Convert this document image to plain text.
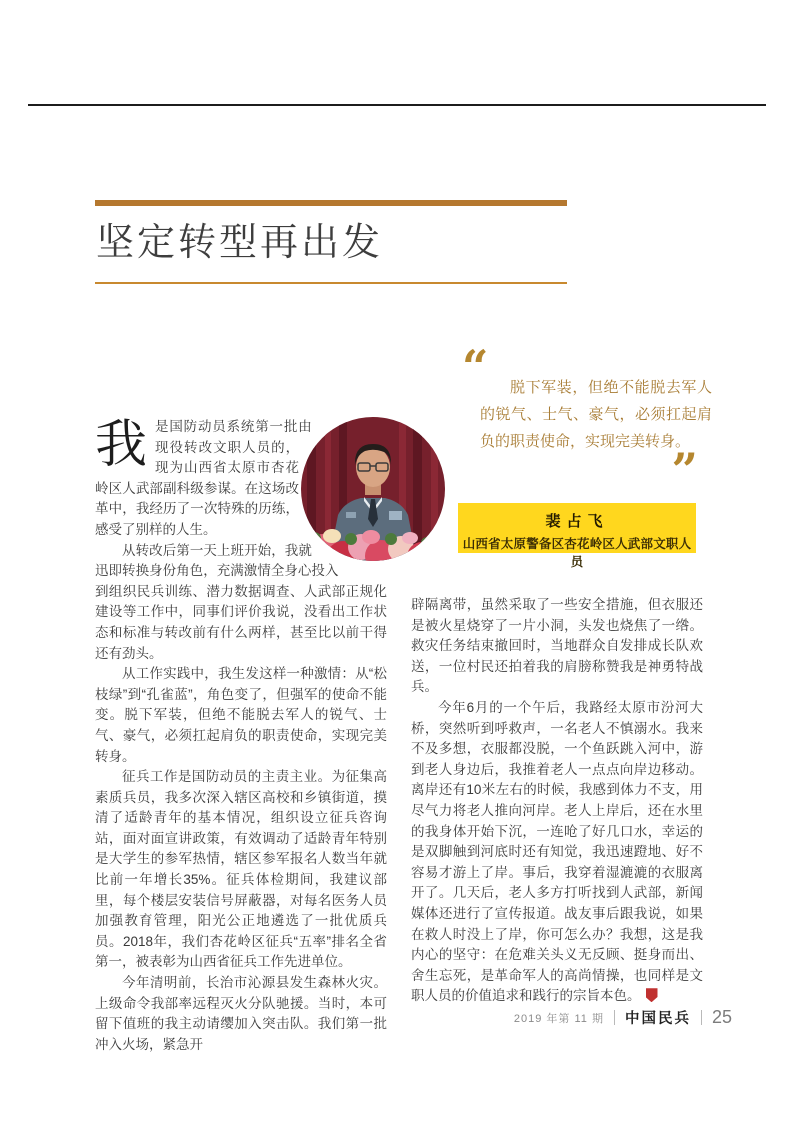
坚定转型再出发
“	脱下军装，但绝不能脱去军人的锐气、士气、豪气，必须扛起肩负的职责使命，实现完美转身。
”
裴占飞
山西省太原警备区杏花岭区人武部文职人员

我是国防动员系统第一批由现役转改文职人员的，现为山西省太原市杏花岭区人武部副科级参谋。在这场改革中，我经历了一次特殊的历练，感受了别样的人生。

从转改后第一天上班开始，我就迅即转换身份角色，充满激情全身心投入到组织民兵训练、潜力数据调查、人武部正规化建设等工作中，同事们评价我说，没看出工作状态和标准与转改前有什么两样，甚至比以前干得还有劲头。

从工作实践中，我生发这样一种激情：从“松枝绿”到“孔雀蓝”，角色变了，但强军的使命不能变。脱下军装，但绝不能脱去军人的锐气、士气、豪气，必须扛起肩负的职责使命，实现完美转身。

征兵工作是国防动员的主责主业。为征集高素质兵员，我多次深入辖区高校和乡镇街道，摸清了适龄青年的基本情况，组织设立征兵咨询站，面对面宣讲政策，有效调动了适龄青年特别是大学生的参军热情，辖区参军报名人数当年就比前一年增长35%。征兵体检期间，我建议部里，每个楼层安装信号屏蔽器，对每名医务人员加强教育管理，阳光公正地遴选了一批优质兵员。2018年，我们杏花岭区征兵“五率”排名全省第一，被表彰为山西省征兵工作先进单位。

今年清明前，长治市沁源县发生森林火灾。上级命令我部率远程灭火分队驰援。当时，本可留下值班的我主动请缨加入突击队。我们第一批冲入火场，紧急开

辟隔离带，虽然采取了一些安全措施，但衣服还是被火星烧穿了一片小洞，头发也烧焦了一绺。救灾任务结束撤回时，当地群众自发排成长队欢送，一位村民还拍着我的肩膀称赞我是神勇特战兵。

今年6月的一个午后，我路经太原市汾河大桥，突然听到呼救声，一名老人不慎溺水。我来不及多想，衣服都没脱，一个鱼跃跳入河中，游到老人身边后，我推着老人一点点向岸边移动。离岸还有10米左右的时候，我感到体力不支，用尽气力将老人推向河岸。老人上岸后，还在水里的我身体开始下沉，一连呛了好几口水，幸运的是双脚触到河底时还有知觉，我迅速蹬地、好不容易才游上了岸。事后，我穿着湿漉漉的衣服离开了。几天后，老人多方打听找到人武部，新闻媒体还进行了宣传报道。战友事后跟我说，如果在救人时没上了岸，你可怎么办？我想，这是我内心的坚守：在危难关头义无反顾、挺身而出、舍生忘死，是革命军人的高尚情操，也同样是文职人员的价值追求和践行的宗旨本色。★

2019 年第 11 期 中国民兵 25
